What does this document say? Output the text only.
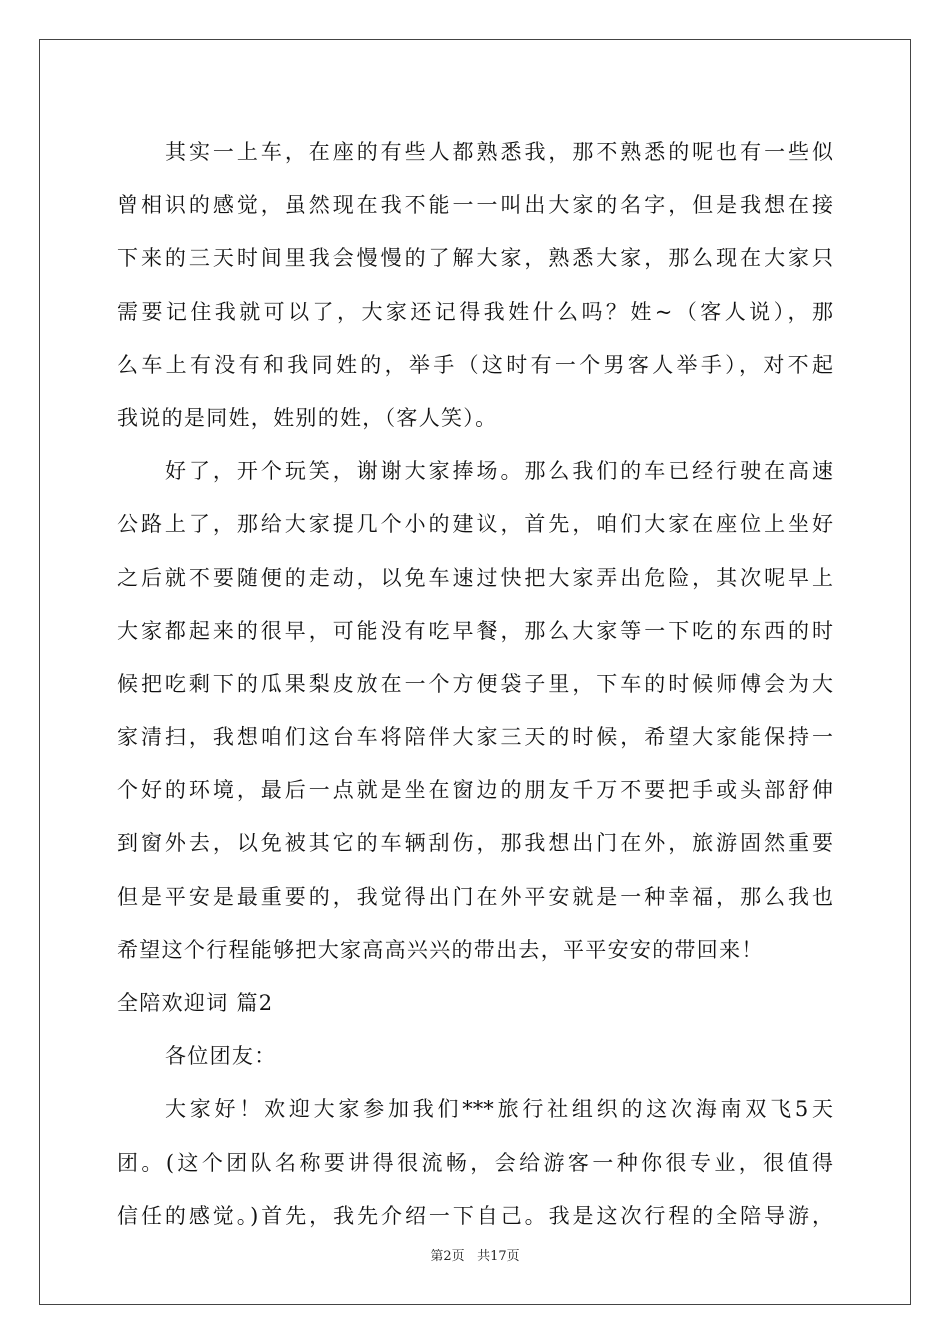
其实一上车，在座的有些人都熟悉我，那不熟悉的呢也有一些似
曾相识的感觉，虽然现在我不能一一叫出大家的名字，但是我想在接
下来的三天时间里我会慢慢的了解大家，熟悉大家，那么现在大家只
需要记住我就可以了，大家还记得我姓什么吗？姓~（客人说），那
么车上有没有和我同姓的，举手（这时有一个男客人举手），对不起
我说的是同姓，姓别的姓，（客人笑）。
好了，开个玩笑，谢谢大家捧场。那么我们的车已经行驶在高速
公路上了，那给大家提几个小的建议，首先，咱们大家在座位上坐好
之后就不要随便的走动，以免车速过快把大家弄出危险，其次呢早上
大家都起来的很早，可能没有吃早餐，那么大家等一下吃的东西的时
候把吃剩下的瓜果梨皮放在一个方便袋子里，下车的时候师傅会为大
家清扫，我想咱们这台车将陪伴大家三天的时候，希望大家能保持一
个好的环境，最后一点就是坐在窗边的朋友千万不要把手或头部舒伸
到窗外去，以免被其它的车辆刮伤，那我想出门在外，旅游固然重要
但是平安是最重要的，我觉得出门在外平安就是一种幸福，那么我也
希望这个行程能够把大家高高兴兴的带出去，平平安安的带回来！
全陪欢迎词 篇2
各位团友：
大家好！欢迎大家参加我们***旅行社组织的这次海南双飞5天
团。(这个团队名称要讲得很流畅，会给游客一种你很专业，很值得
信任的感觉。)首先，我先介绍一下自己。我是这次行程的全陪导游，
第2页 共17页
